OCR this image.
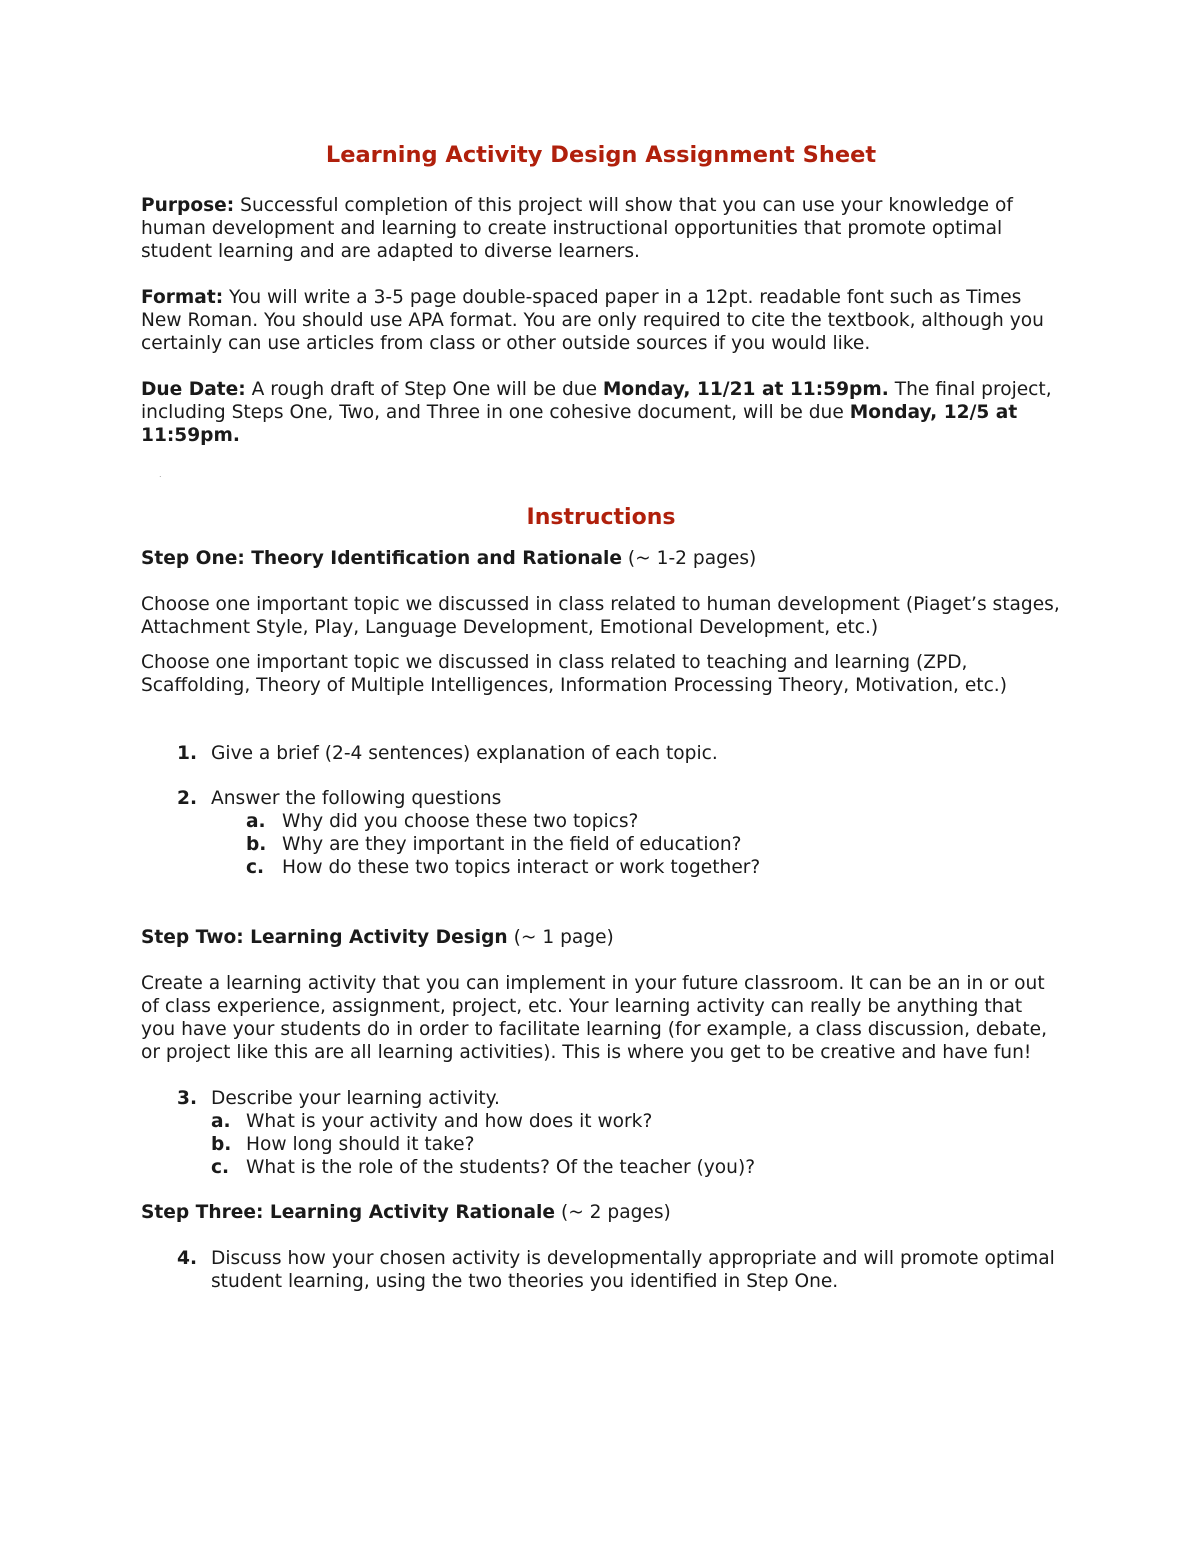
Learning Activity Design Assignment Sheet

Purpose: Successful completion of this project will show that you can use your knowledge of human development and learning to create instructional opportunities that promote optimal student learning and are adapted to diverse learners.

Format: You will write a 3-5 page double-spaced paper in a 12pt. readable font such as Times New Roman. You should use APA format. You are only required to cite the textbook, although you certainly can use articles from class or other outside sources if you would like.

Due Date: A rough draft of Step One will be due Monday, 11/21 at 11:59pm. The final project, including Steps One, Two, and Three in one cohesive document, will be due Monday, 12/5 at 11:59pm.

.
Instructions

Step One: Theory Identification and Rationale (~ 1-2 pages)

Choose one important topic we discussed in class related to human development (Piaget’s stages, Attachment Style, Play, Language Development, Emotional Development, etc.)

Choose one important topic we discussed in class related to teaching and learning (ZPD, Scaffolding, Theory of Multiple Intelligences, Information Processing Theory, Motivation, etc.)

1. Give a brief (2-4 sentences) explanation of each topic.
2. Answer the following questions
a. Why did you choose these two topics?
b. Why are they important in the field of education?
c. How do these two topics interact or work together?

Step Two: Learning Activity Design (~ 1 page)

Create a learning activity that you can implement in your future classroom. It can be an in or out of class experience, assignment, project, etc. Your learning activity can really be anything that you have your students do in order to facilitate learning (for example, a class discussion, debate, or project like this are all learning activities). This is where you get to be creative and have fun!

3. Describe your learning activity.
a. What is your activity and how does it work?
b. How long should it take?
c. What is the role of the students? Of the teacher (you)?

Step Three: Learning Activity Rationale (~ 2 pages)

4. Discuss how your chosen activity is developmentally appropriate and will promote optimal student learning, using the two theories you identified in Step One.
